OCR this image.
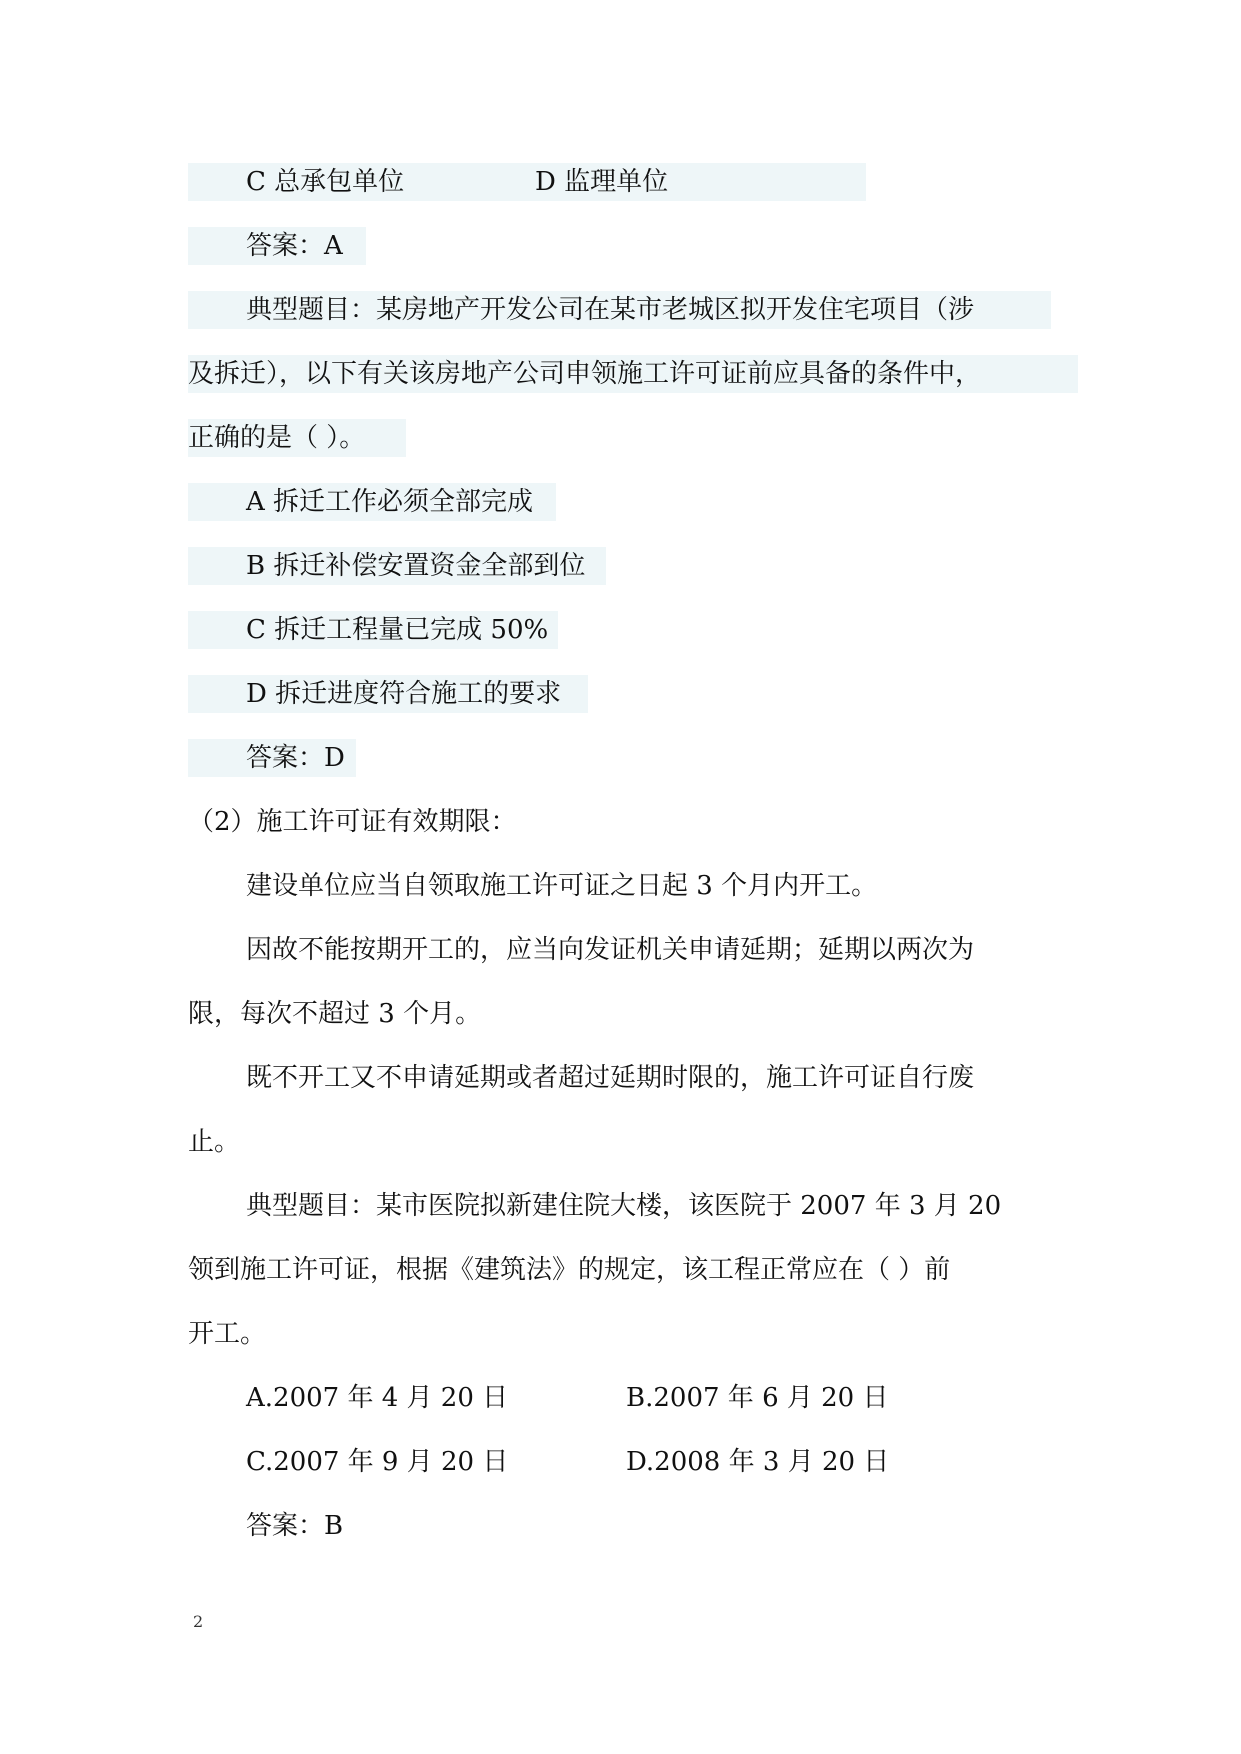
C 总承包单位	D 监理单位
答案：A
典型题目：某房地产开发公司在某市老城区拟开发住宅项目（涉
及拆迁），以下有关该房地产公司申领施工许可证前应具备的条件中，
正确的是（ ）。
A 拆迁工作必须全部完成
B 拆迁补偿安置资金全部到位
C 拆迁工程量已完成 50%
D 拆迁进度符合施工的要求
答案：D
（2）施工许可证有效期限：
建设单位应当自领取施工许可证之日起 3 个月内开工。
因故不能按期开工的，应当向发证机关申请延期；延期以两次为
限，每次不超过 3 个月。
既不开工又不申请延期或者超过延期时限的，施工许可证自行废
止。
典型题目：某市医院拟新建住院大楼，该医院于 2007 年 3 月 20
领到施工许可证，根据《建筑法》的规定，该工程正常应在（ ）前
开工。
A.2007 年 4 月 20 日	B.2007 年 6 月 20 日
C.2007 年 9 月 20 日	D.2008 年 3 月 20 日
答案：B
2
